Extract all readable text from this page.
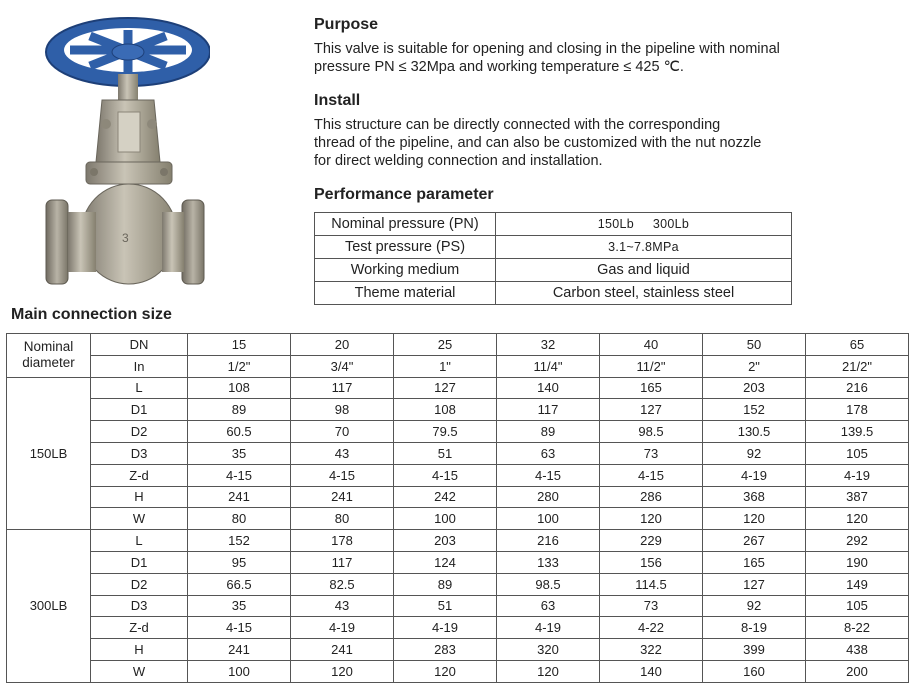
3
Purpose
This valve is suitable for opening and closing in the pipeline with nominal
pressure PN ≤ 32Mpa and working temperature ≤ 425 ℃.
Install
This structure can be directly connected with the corresponding
thread of the pipeline, and can also be customized with the nut nozzle
for direct welding connection and installation.
Performance parameter
Nominal pressure (PN)	150Lb     300Lb
Test pressure (PS)	3.1~7.8MPa
Working medium	Gas and liquid
Theme material	Carbon steel, stainless steel
Main connection size
Nominal diameter	DN	15	20	25	32	40	50	65
	In	1/2"	3/4"	1"	11/4"	11/2"	2"	21/2"
150LB	L	108	117	127	140	165	203	216
	D1	89	98	108	117	127	152	178
	D2	60.5	70	79.5	89	98.5	130.5	139.5
	D3	35	43	51	63	73	92	105
	Z-d	4-15	4-15	4-15	4-15	4-15	4-19	4-19
	H	241	241	242	280	286	368	387
	W	80	80	100	100	120	120	120
300LB	L	152	178	203	216	229	267	292
	D1	95	117	124	133	156	165	190
	D2	66.5	82.5	89	98.5	114.5	127	149
	D3	35	43	51	63	73	92	105
	Z-d	4-15	4-19	4-19	4-19	4-22	8-19	8-22
	H	241	241	283	320	322	399	438
	W	100	120	120	120	140	160	200
